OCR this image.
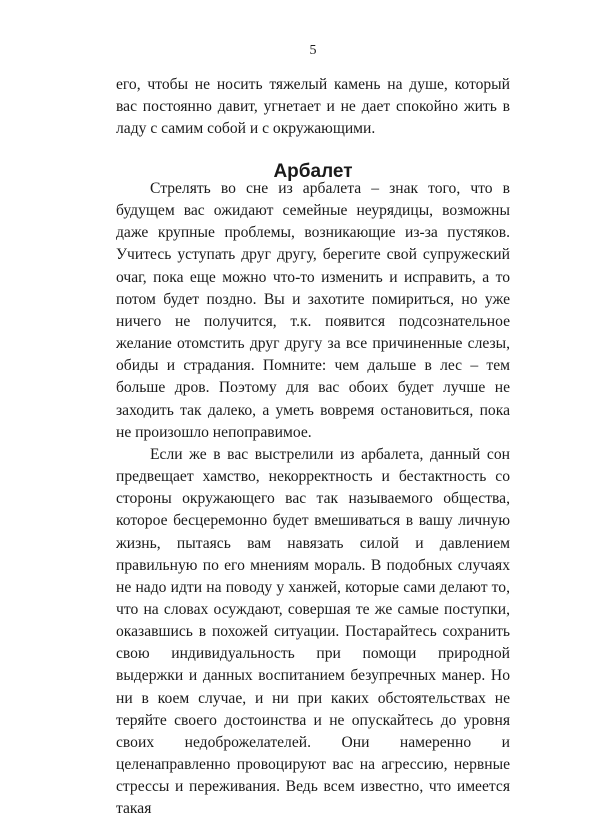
5

его, чтобы не носить тяжелый камень на душе, который
вас постоянно давит, угнетает и не дает спокойно жить в
ладу с самим собой и с окружающими.

Арбалет

Стрелять во сне из арбалета – знак того, что в будущем вас ожидают семейные неурядицы, возможны даже крупные проблемы, возникающие из-за пустяков. Учитесь уступать друг другу, берегите свой супружеский очаг, пока еще можно что-то изменить и исправить, а то потом будет поздно. Вы и захотите помириться, но уже ничего не получится, т.к. появится подсознательное желание отомстить друг другу за все причиненные слезы, обиды и страдания. Помните: чем дальше в лес – тем больше дров. Поэтому для вас обоих будет лучше не заходить так далеко, а уметь вовремя остановиться, пока не произошло непоправимое.

Если же в вас выстрелили из арбалета, данный сон предвещает хамство, некорректность и бестактность со стороны окружающего вас так называемого общества, которое бесцеремонно будет вмешиваться в вашу личную жизнь, пытаясь вам навязать силой и давлением правильную по его мнениям мораль. В подобных случаях не надо идти на поводу у ханжей, которые сами делают то, что на словах осуждают, совершая те же самые поступки, оказавшись в похожей ситуации. Постарайтесь сохранить свою индивидуальность при помощи природной выдержки и данных воспитанием безупречных манер. Но ни в коем случае, и ни при каких обстоятельствах не теряйте своего достоинства и не опускайтесь до уровня своих недоброжелателей. Они намеренно и целенаправленно провоцируют вас на агрессию, нервные стрессы и переживания. Ведь всем известно, что имеется такая
